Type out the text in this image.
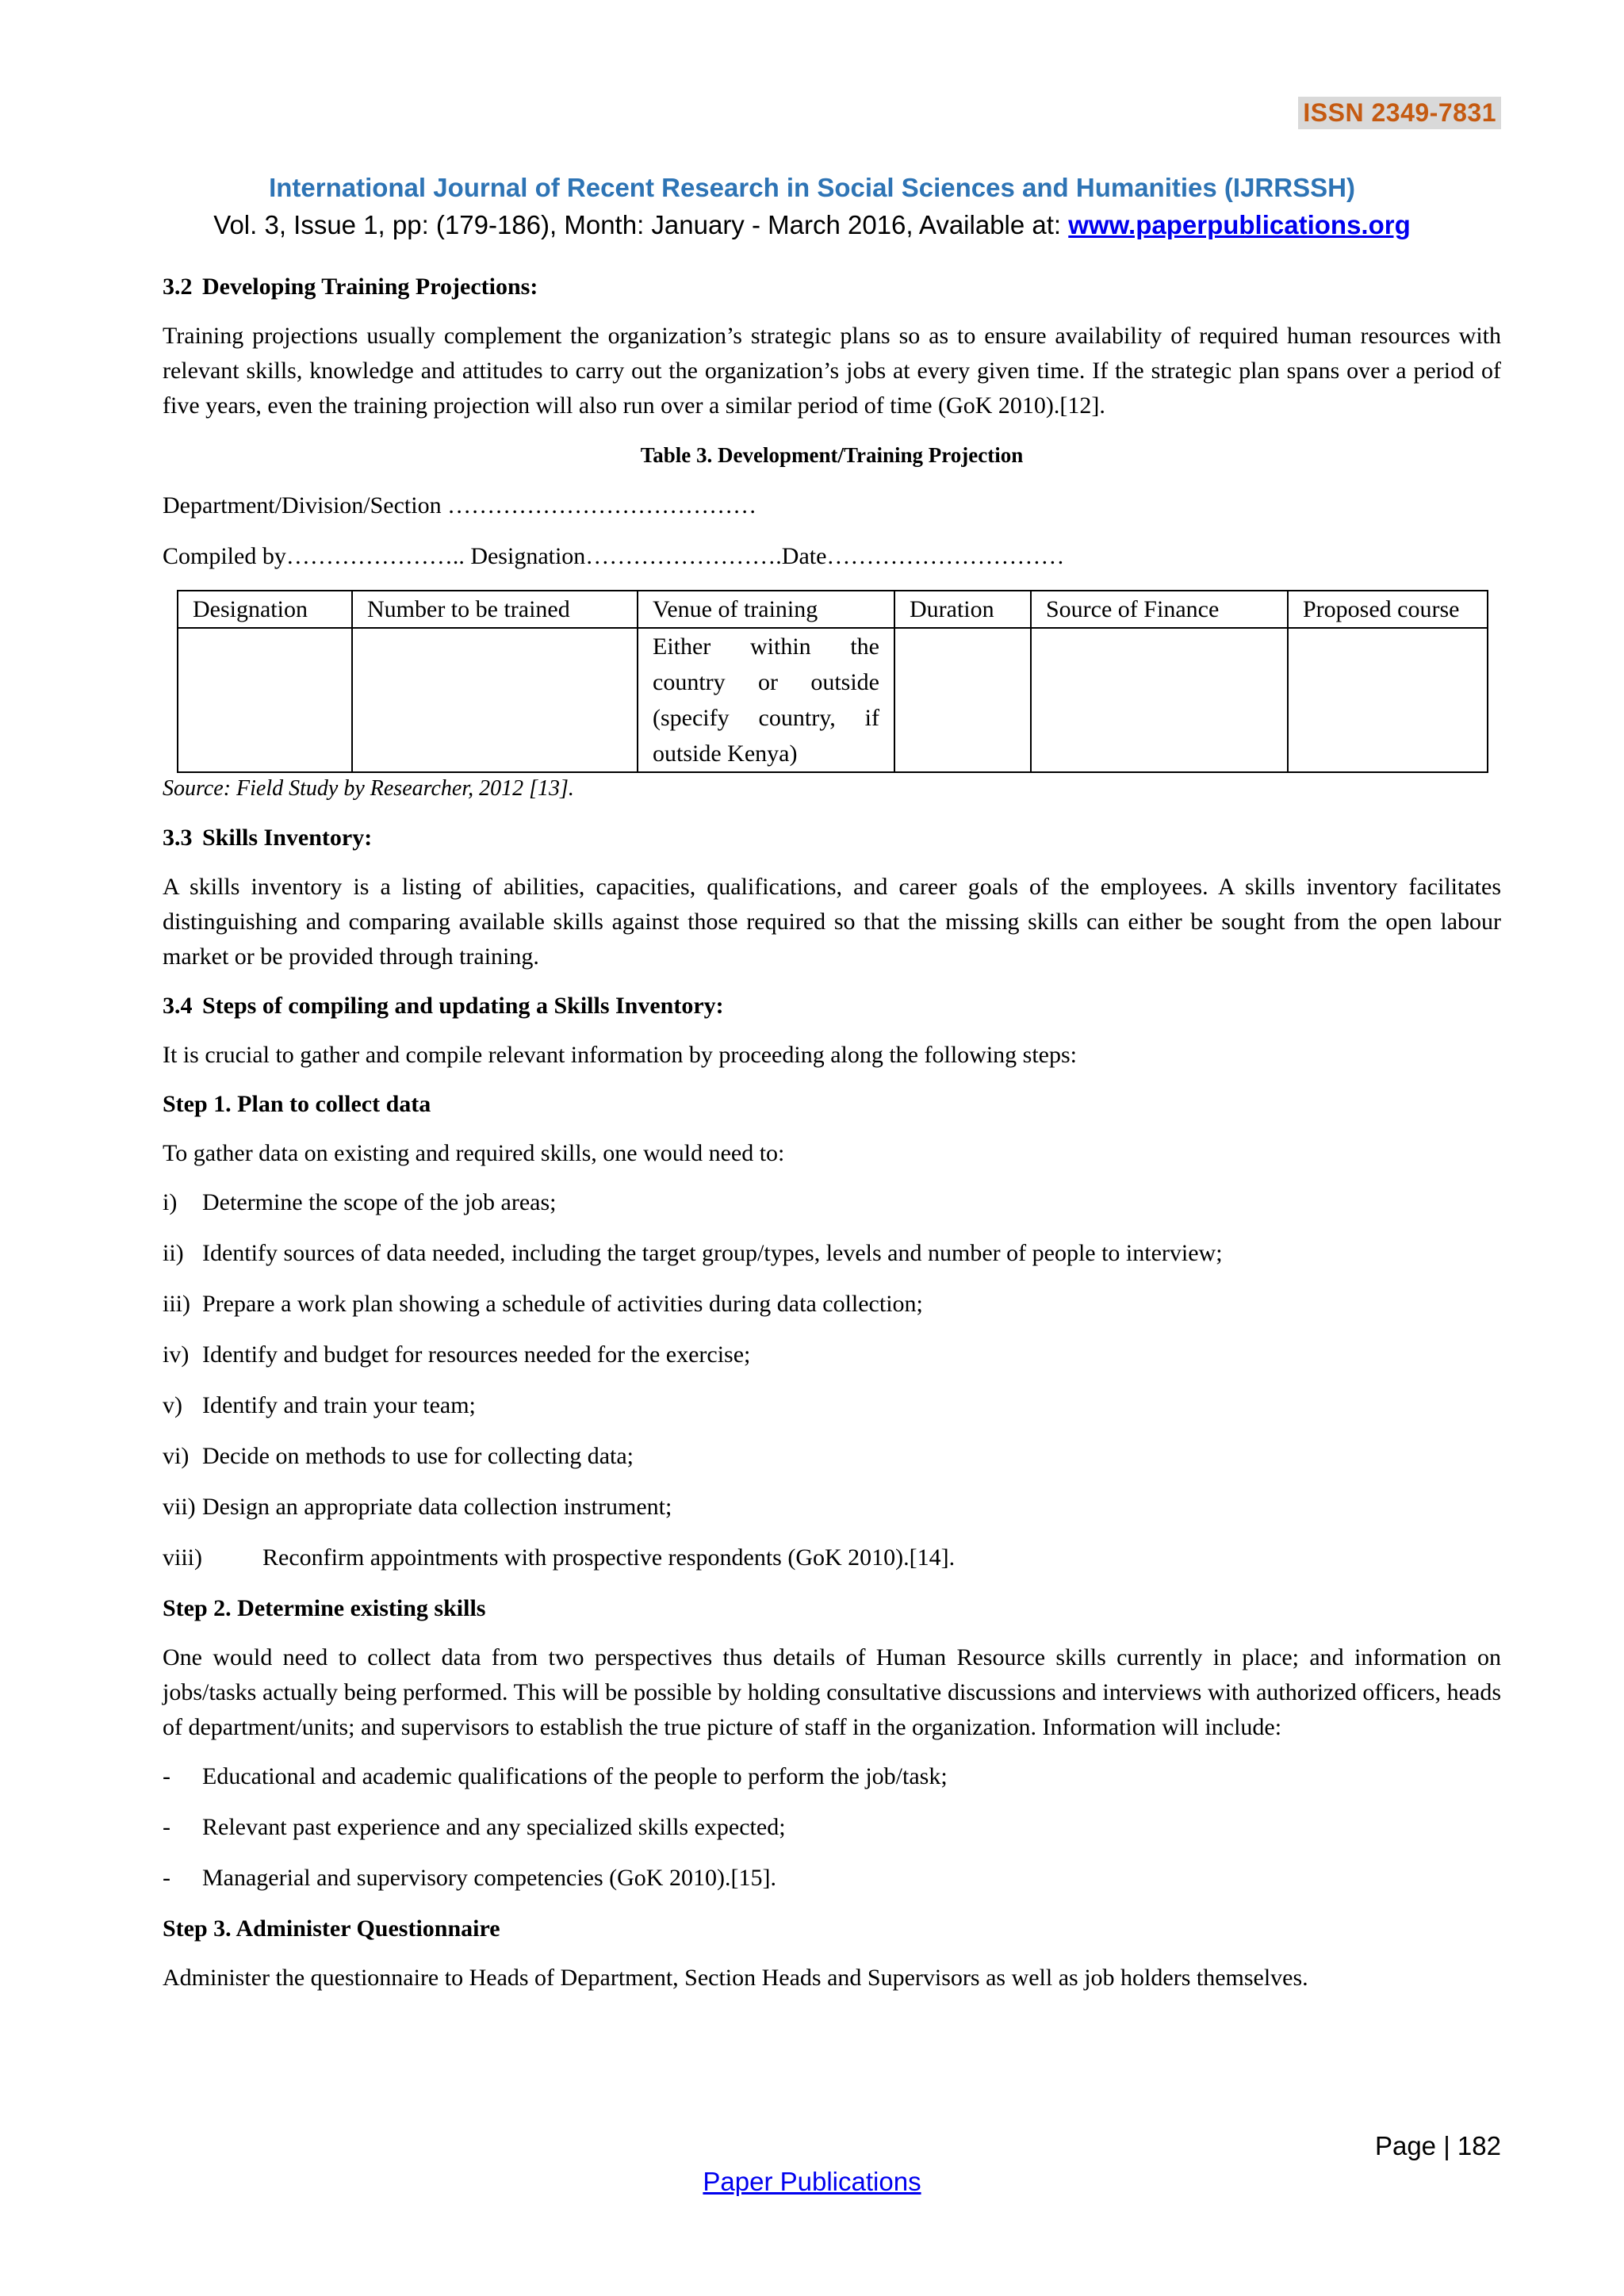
ISSN 2349-7831
International Journal of Recent Research in Social Sciences and Humanities (IJRRSSH)
Vol. 3, Issue 1, pp: (179-186), Month: January - March 2016, Available at: www.paperpublications.org
3.2 Developing Training Projections:

Training projections usually complement the organization’s strategic plans so as to ensure availability of required human resources with relevant skills, knowledge and attitudes to carry out the organization’s jobs at every given time. If the strategic plan spans over a period of five years, even the training projection will also run over a similar period of time (GoK 2010).[12].

Table 3. Development/Training Projection
Department/Division/Section …………………………………
Compiled by………………….. Designation…………………….Date…………………………
Designation	Number to be trained	Venue of training	Duration	Source of Finance	Proposed course
		Either within the country or outside (specify country, if outside Kenya)			
Source: Field Study by Researcher, 2012 [13].
3.3 Skills Inventory:

A skills inventory is a listing of abilities, capacities, qualifications, and career goals of the employees. A skills inventory facilitates distinguishing and comparing available skills against those required so that the missing skills can either be sought from the open labour market or be provided through training.

3.4 Steps of compiling and updating a Skills Inventory:

It is crucial to gather and compile relevant information by proceeding along the following steps:

Step 1. Plan to collect data

To gather data on existing and required skills, one would need to:

i) Determine the scope of the job areas;
ii) Identify sources of data needed, including the target group/types, levels and number of people to interview;
iii) Prepare a work plan showing a schedule of activities during data collection;
iv) Identify and budget for resources needed for the exercise;
v) Identify and train your team;
vi) Decide on methods to use for collecting data;
vii) Design an appropriate data collection instrument;
viii)	Reconfirm appointments with prospective respondents (GoK 2010).[14].
Step 2. Determine existing skills

One would need to collect data from two perspectives thus details of Human Resource skills currently in place; and information on jobs/tasks actually being performed. This will be possible by holding consultative discussions and interviews with authorized officers, heads of department/units; and supervisors to establish the true picture of staff in the organization. Information will include:

- Educational and academic qualifications of the people to perform the job/task;
- Relevant past experience and any specialized skills expected;
- Managerial and supervisory competencies (GoK 2010).[15].
Step 3. Administer Questionnaire

Administer the questionnaire to Heads of Department, Section Heads and Supervisors as well as job holders themselves.

Page | 182
Paper Publications
